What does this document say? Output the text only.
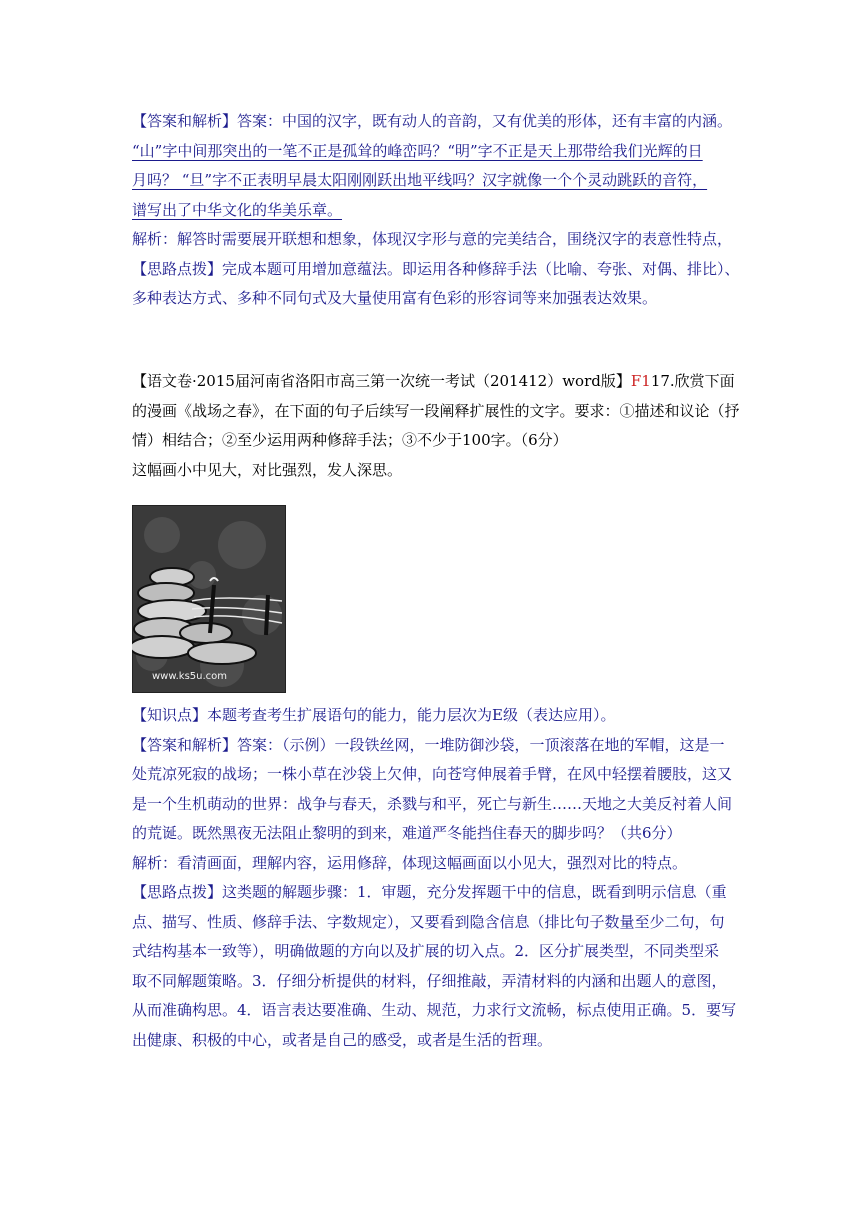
【答案和解析】答案：中国的汉字，既有动人的音韵，又有优美的形体，还有丰富的内涵。
“山”字中间那突出的一笔不正是孤耸的峰峦吗？“明”字不正是天上那带给我们光辉的日
月吗？ “旦”字不正表明早晨太阳刚刚跃出地平线吗？汉字就像一个个灵动跳跃的音符，
谱写出了中华文化的华美乐章。
解析：解答时需要展开联想和想象，体现汉字形与意的完美结合，围绕汉字的表意性特点，
【思路点拨】完成本题可用增加意蕴法。即运用各种修辞手法（比喻、夸张、对偶、排比）、
多种表达方式、多种不同句式及大量使用富有色彩的形容词等来加强表达效果。
【语文卷·2015届河南省洛阳市高三第一次统一考试（201412）word版】F117.欣赏下面
的漫画《战场之春》，在下面的句子后续写一段阐释扩展性的文字。要求：①描述和议论（抒
情）相结合；②至少运用两种修辞手法；③不少于100字。（6分）
这幅画小中见大，对比强烈，发人深思。
www.ks5u.com
【知识点】本题考查考生扩展语句的能力，能力层次为E级（表达应用）。
【答案和解析】答案：（示例）一段铁丝网，一堆防御沙袋，一顶滚落在地的军帽，这是一
处荒凉死寂的战场；一株小草在沙袋上欠伸，向苍穹伸展着手臂，在风中轻摆着腰肢，这又
是一个生机萌动的世界：战争与春天，杀戮与和平，死亡与新生……天地之大美反衬着人间
的荒诞。既然黑夜无法阻止黎明的到来，难道严冬能挡住春天的脚步吗？（共6分）
解析：看清画面，理解内容，运用修辞，体现这幅画面以小见大，强烈对比的特点。
【思路点拨】这类题的解题步骤：1．审题，充分发挥题干中的信息，既看到明示信息（重
点、描写、性质、修辞手法、字数规定），又要看到隐含信息（排比句子数量至少二句，句
式结构基本一致等），明确做题的方向以及扩展的切入点。2．区分扩展类型，不同类型采
取不同解题策略。3．仔细分析提供的材料，仔细推敲，弄清材料的内涵和出题人的意图，
从而准确构思。4．语言表达要准确、生动、规范，力求行文流畅，标点使用正确。5．要写
出健康、积极的中心，或者是自己的感受，或者是生活的哲理。
